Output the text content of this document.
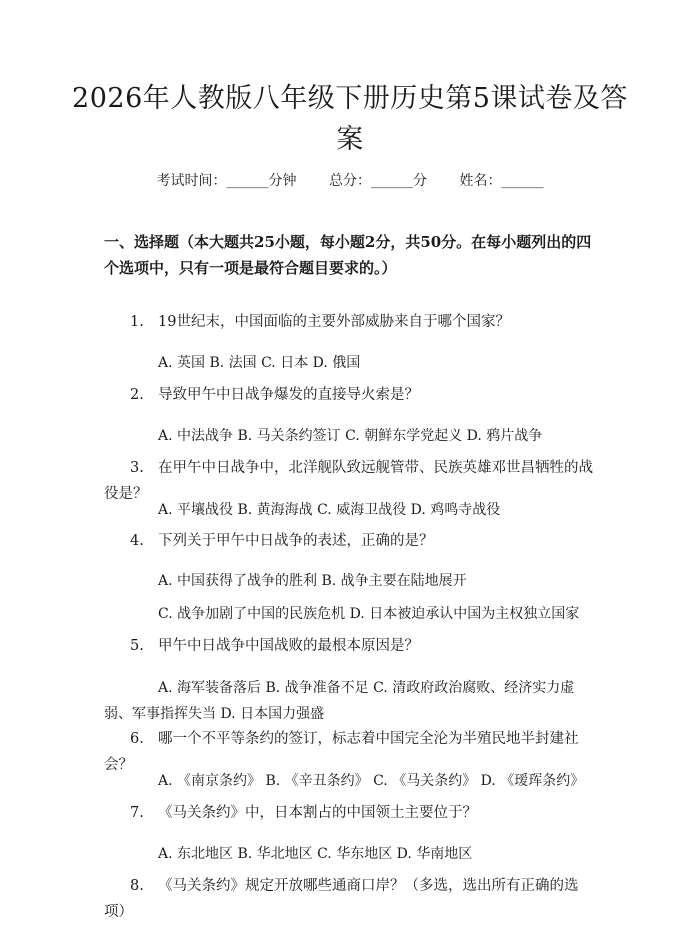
2026年人教版八年级下册历史第5课试卷及答案
考试时间：______分钟 总分：______分 姓名：______
一、选择题（本大题共25小题，每小题2分，共50分。在每小题列出的四个选项中，只有一项是最符合题目要求的。）
1. 19世纪末，中国面临的主要外部威胁来自于哪个国家？
A. 英国 B. 法国 C. 日本 D. 俄国
2. 导致甲午中日战争爆发的直接导火索是？
A. 中法战争 B. 马关条约签订 C. 朝鲜东学党起义 D. 鸦片战争
3. 在甲午中日战争中，北洋舰队致远舰管带、民族英雄邓世昌牺牲的战役是？
A. 平壤战役 B. 黄海海战 C. 威海卫战役 D. 鸡鸣寺战役
4. 下列关于甲午中日战争的表述，正确的是？
A. 中国获得了战争的胜利 B. 战争主要在陆地展开
C. 战争加剧了中国的民族危机 D. 日本被迫承认中国为主权独立国家
5. 甲午中日战争中国战败的最根本原因是？
A. 海军装备落后 B. 战争准备不足 C. 清政府政治腐败、经济实力虚弱、军事指挥失当 D. 日本国力强盛
6. 哪一个不平等条约的签订，标志着中国完全沦为半殖民地半封建社会？
A. 《南京条约》 B. 《辛丑条约》 C. 《马关条约》 D. 《瑷珲条约》
7. 《马关条约》中，日本割占的中国领土主要位于？
A. 东北地区 B. 华北地区 C. 华东地区 D. 华南地区
8. 《马关条约》规定开放哪些通商口岸？（多选，选出所有正确的选项）
